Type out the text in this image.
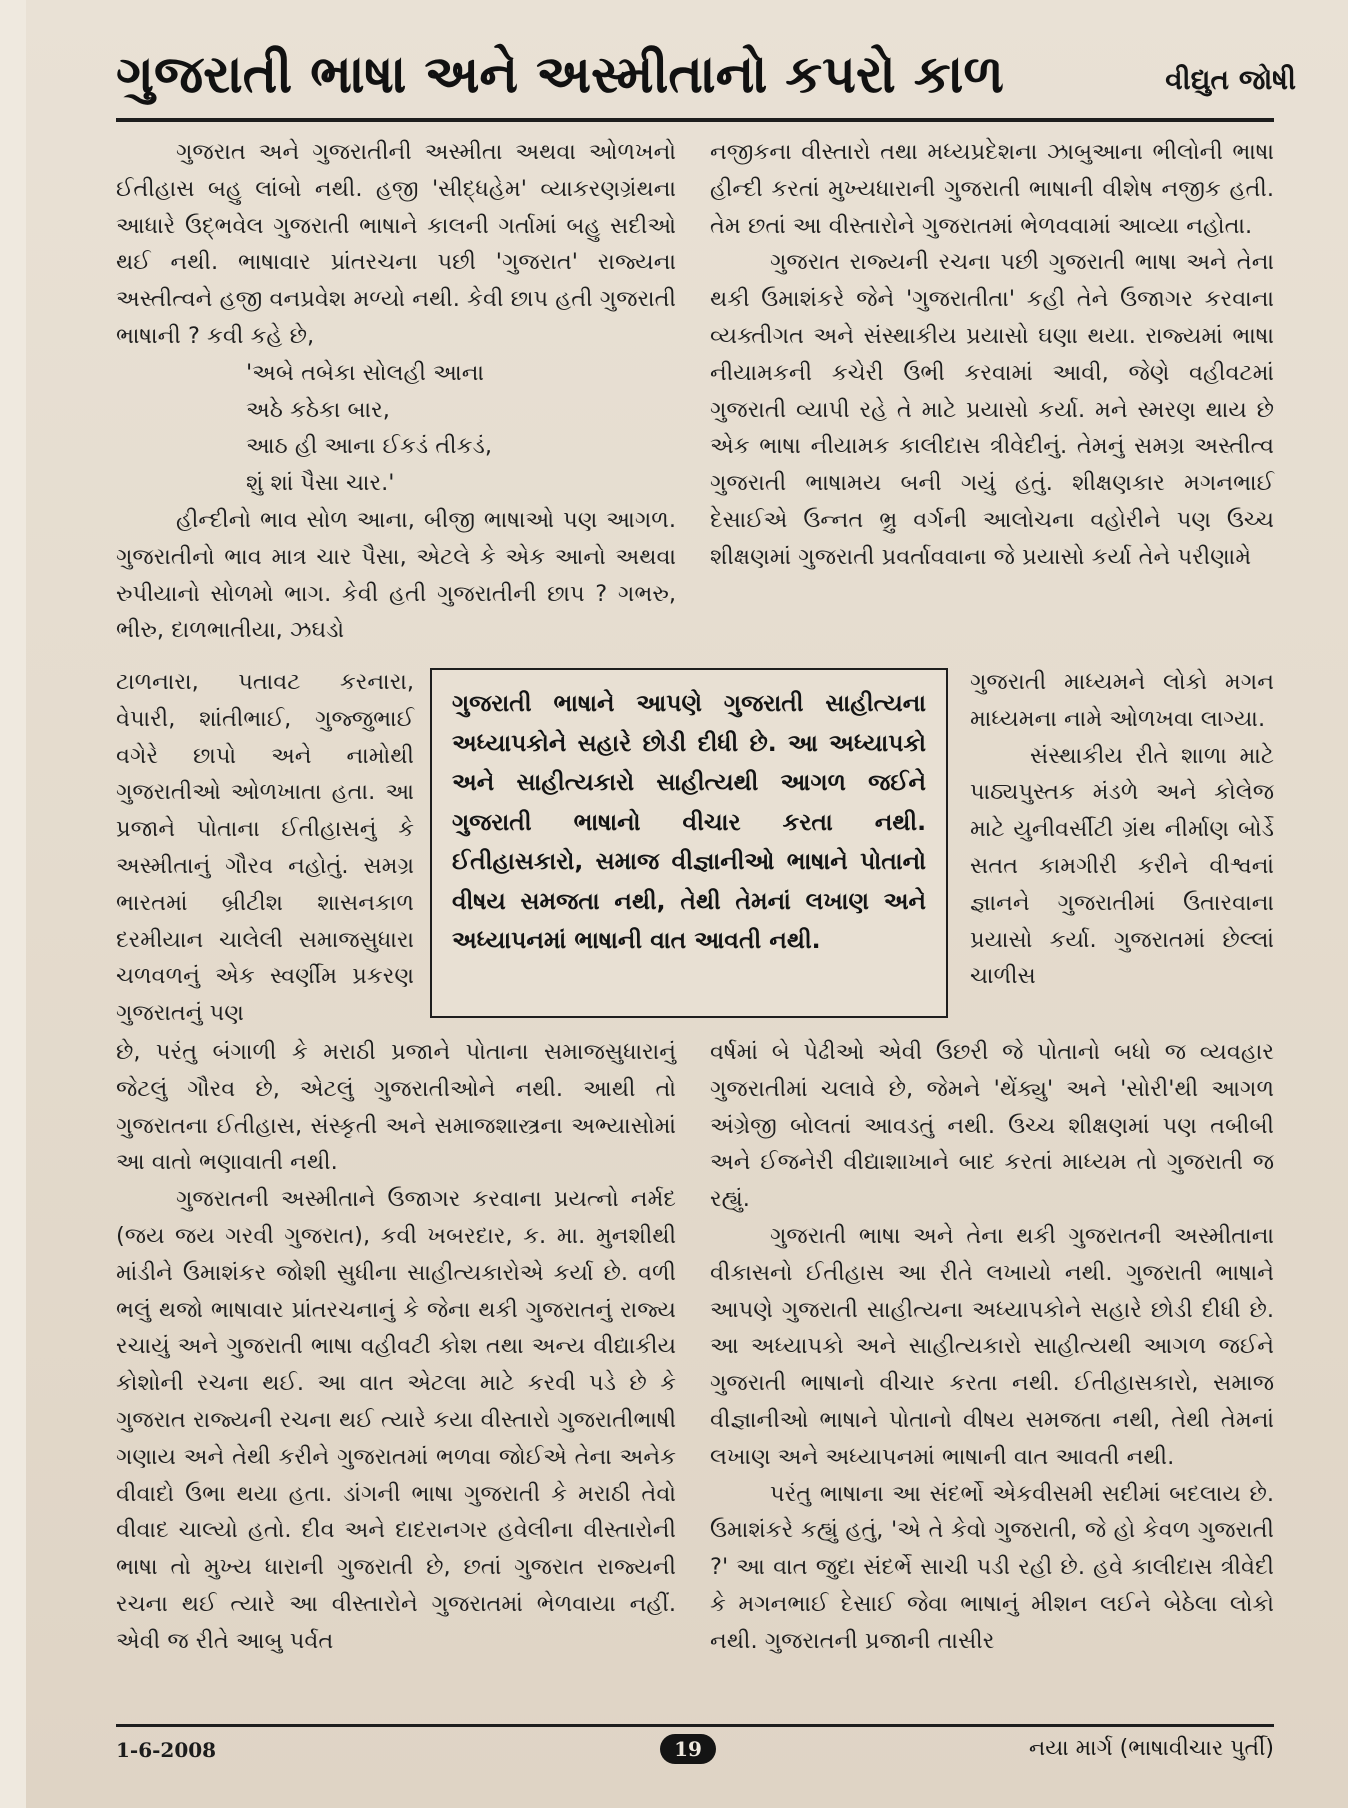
ગુજરાતી ભાષા અને અસ્મીતાનો કપરો કાળ	વીદ્યુત જોષી

ગુજરાત અને ગુજરાતીની અસ્મીતા અથવા ઓળખનો ઈતીહાસ બહુ લાંબો નથી. હજી 'સીદ્ધહેમ' વ્યાકરણગ્રંથના આધારે ઉદ્ભવેલ ગુજરાતી ભાષાને કાલની ગર્તામાં બહુ સદીઓ થઈ નથી. ભાષાવાર પ્રાંતરચના પછી 'ગુજરાત' રાજ્યના અસ્તીત્વને હજી વનપ્રવેશ મળ્યો નથી. કેવી છાપ હતી ગુજરાતી ભાષાની ? કવી કહે છે,

'અબે તબેકા સોલહી આના
અઠે કઠેકા બાર,
આઠ હી આના ઈકડં તીકડં,
શું શાં પૈસા ચાર.'

હીન્દીનો ભાવ સોળ આના, બીજી ભાષાઓ પણ આગળ. ગુજરાતીનો ભાવ માત્ર ચાર પૈસા, એટલે કે એક આનો અથવા રુપીયાનો સોળમો ભાગ. કેવી હતી ગુજરાતીની છાપ ? ગભરુ, ભીરુ, દાળભાતીયા, ઝઘડો

ટાળનારા, પતાવટ કરનારા, વેપારી, શાંતીભાઈ, ગુજ્જુભાઈ વગેરે છાપો અને નામોથી ગુજરાતીઓ ઓળખાતા હતા. આ પ્રજાને પોતાના ઈતીહાસનું કે અસ્મીતાનું ગૌરવ નહોતું. સમગ્ર ભારતમાં બ્રીટીશ શાસનકાળ દરમીયાન ચાલેલી સમાજસુધારા ચળવળનું એક સ્વર્ણીમ પ્રકરણ ગુજરાતનું પણ

ગુજરાતી ભાષાને આપણે ગુજરાતી સાહીત્યના અધ્યાપકોને સહારે છોડી દીધી છે. આ અધ્યાપકો અને સાહીત્યકારો સાહીત્યથી આગળ જઈને ગુજરાતી ભાષાનો વીચાર કરતા નથી. ઈતીહાસકારો, સમાજ વીજ્ઞાનીઓ ભાષાને પોતાનો વીષય સમજતા નથી, તેથી તેમનાં લખાણ અને અધ્યાપનમાં ભાષાની વાત આવતી નથી.

છે, પરંતુ બંગાળી કે મરાઠી પ્રજાને પોતાના સમાજસુધારાનું જેટલું ગૌરવ છે, એટલું ગુજરાતીઓને નથી. આથી તો ગુજરાતના ઈતીહાસ, સંસ્કૃતી અને સમાજશાસ્ત્રના અભ્યાસોમાં આ વાતો ભણાવાતી નથી.

ગુજરાતની અસ્મીતાને ઉજાગર કરવાના પ્રયત્નો નર્મદ (જય જય ગરવી ગુજરાત), કવી ખબરદાર, ક. મા. મુનશીથી માંડીને ઉમાશંકર જોશી સુધીના સાહીત્યકારોએ કર્યા છે. વળી ભલું થજો ભાષાવાર પ્રાંતરચનાનું કે જેના થકી ગુજરાતનું રાજ્ય રચાયું અને ગુજરાતી ભાષા વહીવટી કોશ તથા અન્ય વીદ્યાકીય કોશોની રચના થઈ. આ વાત એટલા માટે કરવી પડે છે કે ગુજરાત રાજ્યની રચના થઈ ત્યારે કયા વીસ્તારો ગુજરાતીભાષી ગણાય અને તેથી કરીને ગુજરાતમાં ભળવા જોઈએ તેના અનેક વીવાદો ઉભા થયા હતા. ડાંગની ભાષા ગુજરાતી કે મરાઠી તેવો વીવાદ ચાલ્યો હતો. દીવ અને દાદરાનગર હવેલીના વીસ્તારોની ભાષા તો મુખ્ય ધારાની ગુજરાતી છે, છતાં ગુજરાત રાજ્યની રચના થઈ ત્યારે આ વીસ્તારોને ગુજરાતમાં ભેળવાયા નહીં. એવી જ રીતે આબુ પર્વત

નજીકના વીસ્તારો તથા મધ્યપ્રદેશના ઝાબુઆના ભીલોની ભાષા હીન્દી કરતાં મુખ્યધારાની ગુજરાતી ભાષાની વીશેષ નજીક હતી. તેમ છતાં આ વીસ્તારોને ગુજરાતમાં ભેળવવામાં આવ્યા નહોતા.

ગુજરાત રાજ્યની રચના પછી ગુજરાતી ભાષા અને તેના થકી ઉમાશંકરે જેને 'ગુજરાતીતા' કહી તેને ઉજાગર કરવાના વ્યક્તીગત અને સંસ્થાકીય પ્રયાસો ઘણા થયા. રાજ્યમાં ભાષા નીયામકની કચેરી ઉભી કરવામાં આવી, જેણે વહીવટમાં ગુજરાતી વ્યાપી રહે તે માટે પ્રયાસો કર્યા. મને સ્મરણ થાય છે એક ભાષા નીયામક કાલીદાસ ત્રીવેદીનું. તેમનું સમગ્ર અસ્તીત્વ ગુજરાતી ભાષામય બની ગયું હતું. શીક્ષણકાર મગનભાઈ દેસાઈએ ઉન્નત ભ્રુ વર્ગની આલોચના વહોરીને પણ ઉચ્ચ શીક્ષણમાં ગુજરાતી પ્રવર્તાવવાના જે પ્રયાસો કર્યા તેને પરીણામે

ગુજરાતી માધ્યમને લોકો મગન માધ્યમના નામે ઓળખવા લાગ્યા.

સંસ્થાકીય રીતે શાળા માટે પાઠ્યપુસ્તક મંડળે અને કોલેજ માટે યુનીવર્સીટી ગ્રંથ નીર્માણ બોર્ડે સતત કામગીરી કરીને વીશ્વનાં જ્ઞાનને ગુજરાતીમાં ઉતારવાના પ્રયાસો કર્યા. ગુજરાતમાં છેલ્લાં ચાળીસ

વર્ષમાં બે પેઢીઓ એવી ઉછરી જે પોતાનો બધો જ વ્યવહાર ગુજરાતીમાં ચલાવે છે, જેમને 'થેંક્યુ' અને 'સોરી'થી આગળ અંગ્રેજી બોલતાં આવડતું નથી. ઉચ્ચ શીક્ષણમાં પણ તબીબી અને ઈજનેરી વીદ્યાશાખાને બાદ કરતાં માધ્યમ તો ગુજરાતી જ રહ્યું.

ગુજરાતી ભાષા અને તેના થકી ગુજરાતની અસ્મીતાના વીકાસનો ઈતીહાસ આ રીતે લખાયો નથી. ગુજરાતી ભાષાને આપણે ગુજરાતી સાહીત્યના અધ્યાપકોને સહારે છોડી દીધી છે. આ અધ્યાપકો અને સાહીત્યકારો સાહીત્યથી આગળ જઈને ગુજરાતી ભાષાનો વીચાર કરતા નથી. ઈતીહાસકારો, સમાજ વીજ્ઞાનીઓ ભાષાને પોતાનો વીષય સમજતા નથી, તેથી તેમનાં લખાણ અને અધ્યાપનમાં ભાષાની વાત આવતી નથી.

પરંતુ ભાષાના આ સંદર્ભો એકવીસમી સદીમાં બદલાય છે. ઉમાશંકરે કહ્યું હતું, 'એ તે કેવો ગુજરાતી, જે હો કેવળ ગુજરાતી ?' આ વાત જુદા સંદર્ભે સાચી પડી રહી છે. હવે કાલીદાસ ત્રીવેદી કે મગનભાઈ દેસાઈ જેવા ભાષાનું મીશન લઈને બેઠેલા લોકો નથી. ગુજરાતની પ્રજાની તાસીર

1-6-2008	19	નયા માર્ગ (ભાષાવીચાર પુર્તી)
